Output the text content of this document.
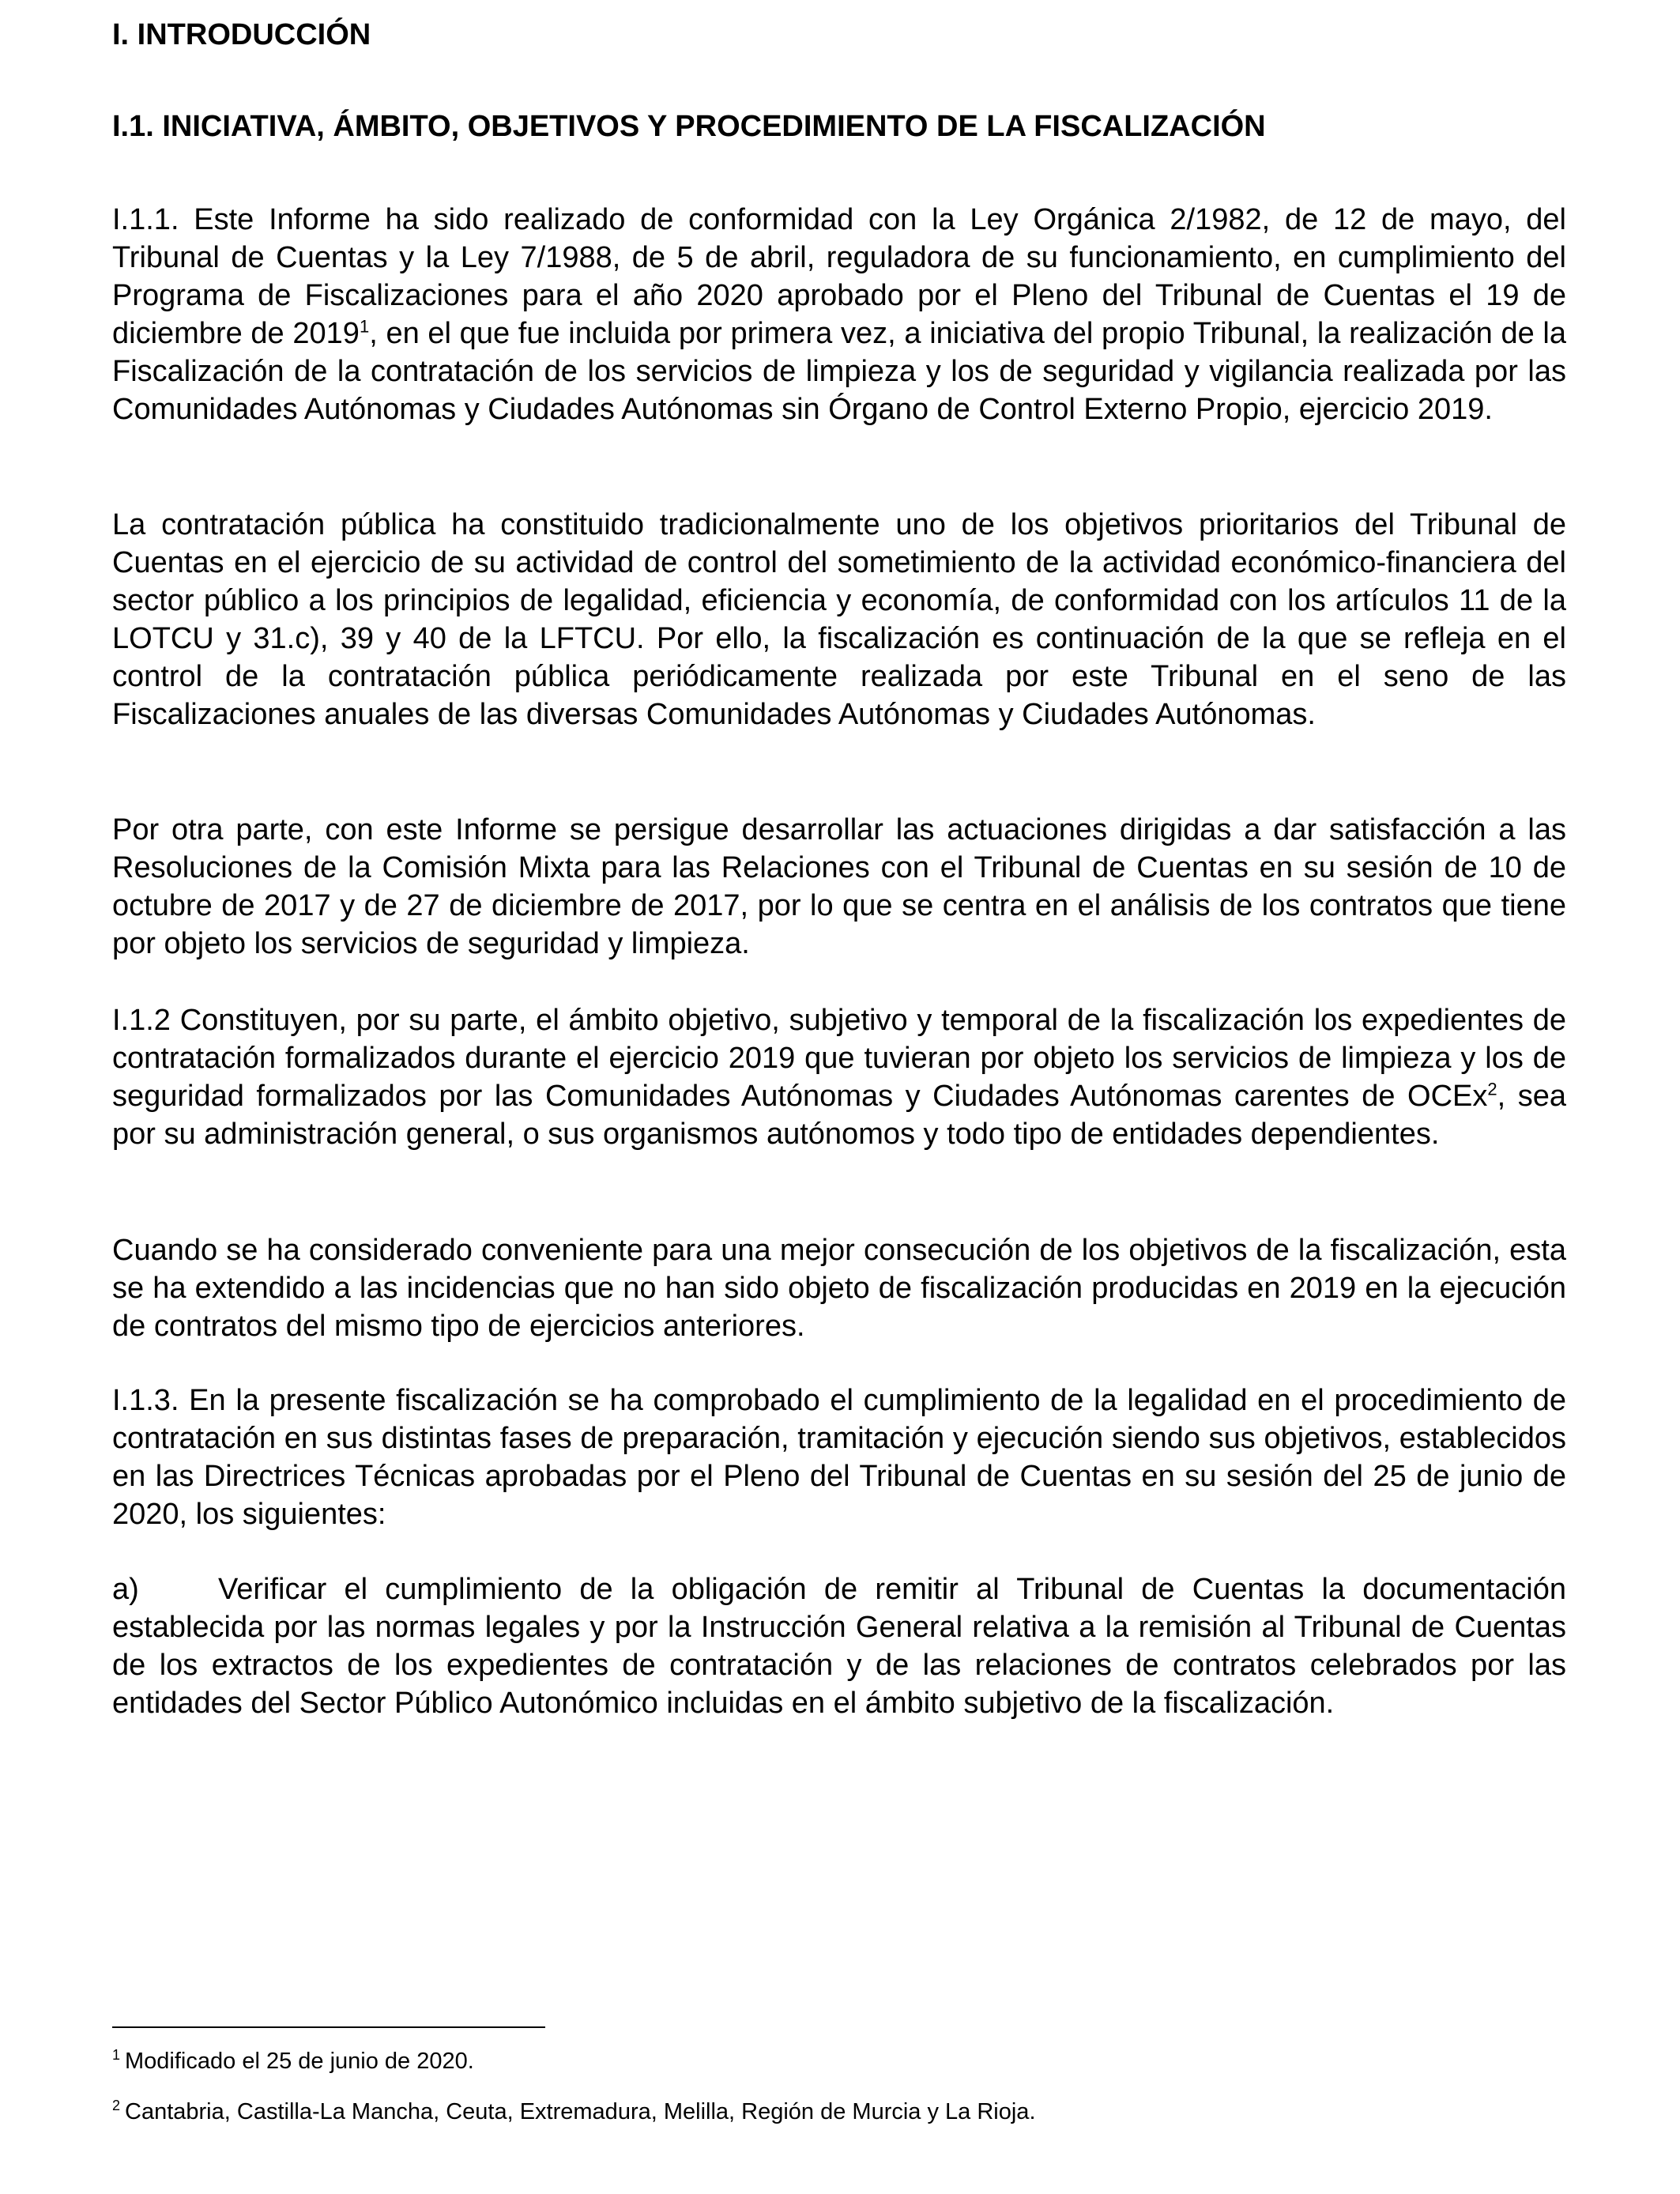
I. INTRODUCCIÓN
I.1. INICIATIVA, ÁMBITO, OBJETIVOS Y PROCEDIMIENTO DE LA FISCALIZACIÓN

I.1.1. Este Informe ha sido realizado de conformidad con la Ley Orgánica 2/1982, de 12 de mayo, del Tribunal de Cuentas y la Ley 7/1988, de 5 de abril, reguladora de su funcionamiento, en cumplimiento del Programa de Fiscalizaciones para el año 2020 aprobado por el Pleno del Tribunal de Cuentas el 19 de diciembre de 2019$^1$, en el que fue incluida por primera vez, a iniciativa del propio Tribunal, la realización de la Fiscalización de la contratación de los servicios de limpieza y los de seguridad y vigilancia realizada por las Comunidades Autónomas y Ciudades Autónomas sin Órgano de Control Externo Propio, ejercicio 2019.

La contratación pública ha constituido tradicionalmente uno de los objetivos prioritarios del Tribunal de Cuentas en el ejercicio de su actividad de control del sometimiento de la actividad económico-financiera del sector público a los principios de legalidad, eficiencia y economía, de conformidad con los artículos 11 de la LOTCU y 31.c), 39 y 40 de la LFTCU. Por ello, la fiscalización es continuación de la que se refleja en el control de la contratación pública periódicamente realizada por este Tribunal en el seno de las Fiscalizaciones anuales de las diversas Comunidades Autónomas y Ciudades Autónomas.

Por otra parte, con este Informe se persigue desarrollar las actuaciones dirigidas a dar satisfacción a las Resoluciones de la Comisión Mixta para las Relaciones con el Tribunal de Cuentas en su sesión de 10 de octubre de 2017 y de 27 de diciembre de 2017, por lo que se centra en el análisis de los contratos que tiene por objeto los servicios de seguridad y limpieza.

I.1.2 Constituyen, por su parte, el ámbito objetivo, subjetivo y temporal de la fiscalización los expedientes de contratación formalizados durante el ejercicio 2019 que tuvieran por objeto los servicios de limpieza y los de seguridad formalizados por las Comunidades Autónomas y Ciudades Autónomas carentes de OCEx$^2$, sea por su administración general, o sus organismos autónomos y todo tipo de entidades dependientes.

Cuando se ha considerado conveniente para una mejor consecución de los objetivos de la fiscalización, esta se ha extendido a las incidencias que no han sido objeto de fiscalización producidas en 2019 en la ejecución de contratos del mismo tipo de ejercicios anteriores.

I.1.3. En la presente fiscalización se ha comprobado el cumplimiento de la legalidad en el procedimiento de contratación en sus distintas fases de preparación, tramitación y ejecución siendo sus objetivos, establecidos en las Directrices Técnicas aprobadas por el Pleno del Tribunal de Cuentas en su sesión del 25 de junio de 2020, los siguientes:

a)	Verificar el cumplimiento de la obligación de remitir al Tribunal de Cuentas la documentación establecida por las normas legales y por la Instrucción General relativa a la remisión al Tribunal de Cuentas de los extractos de los expedientes de contratación y de las relaciones de contratos celebrados por las entidades del Sector Público Autonómico incluidas en el ámbito subjetivo de la fiscalización.

$^1$ Modificado el 25 de junio de 2020.

$^2$ Cantabria, Castilla-La Mancha, Ceuta, Extremadura, Melilla, Región de Murcia y La Rioja.
